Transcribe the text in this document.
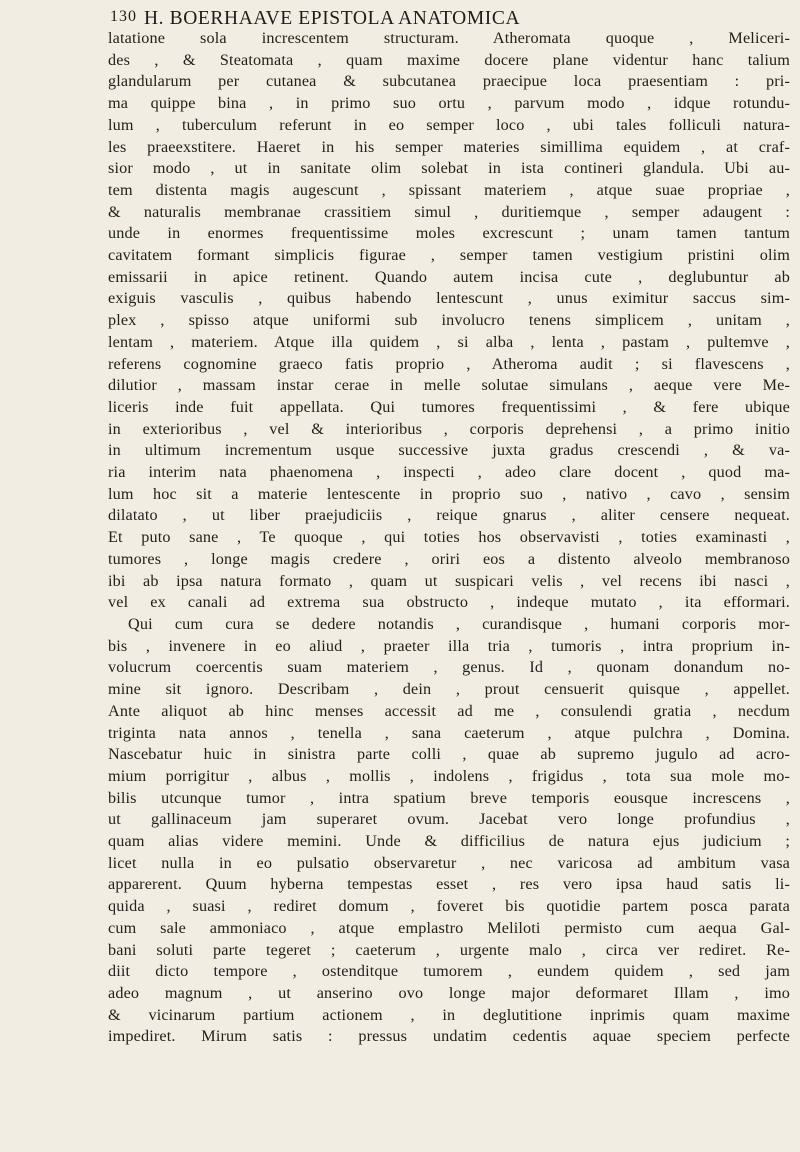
130 H. BOERHAAVE EPISTOLA ANATOMICA
latatione sola increscentem structuram. Atheromata quoque , Meliceri-
des , & Steatomata , quam maxime docere plane videntur hanc talium
glandularum per cutanea & subcutanea praecipue loca praesentiam : pri-
ma quippe bina , in primo suo ortu , parvum modo , idque rotundu-
lum , tuberculum referunt in eo semper loco , ubi tales folliculi natura-
les praeexstitere. Haeret in his semper materies simillima equidem , at craf-
sior modo , ut in sanitate olim solebat in ista contineri glandula. Ubi au-
tem distenta magis augescunt , spissant materiem , atque suae propriae ,
& naturalis membranae crassitiem simul , duritiemque , semper adaugent :
unde in enormes frequentissime moles excrescunt ; unam tamen tantum
cavitatem formant simplicis figurae , semper tamen vestigium pristini olim
emissarii in apice retinent. Quando autem incisa cute , deglubuntur ab
exiguis vasculis , quibus habendo lentescunt , unus eximitur saccus sim-
plex , spisso atque uniformi sub involucro tenens simplicem , unitam ,
lentam , materiem. Atque illa quidem , si alba , lenta , pastam , pultemve ,
referens cognomine graeco fatis proprio , Atheroma audit ; si flavescens ,
dilutior , massam instar cerae in melle solutae simulans , aeque vere Me-
liceris inde fuit appellata. Qui tumores frequentissimi , & fere ubique
in exterioribus , vel & interioribus , corporis deprehensi , a primo initio
in ultimum incrementum usque successive juxta gradus crescendi , & va-
ria interim nata phaenomena , inspecti , adeo clare docent , quod ma-
lum hoc sit a materie lentescente in proprio suo , nativo , cavo , sensim
dilatato , ut liber praejudiciis , reique gnarus , aliter censere nequeat.
Et puto sane , Te quoque , qui toties hos observavisti , toties examinasti ,
tumores , longe magis credere , oriri eos a distento alveolo membranoso
ibi ab ipsa natura formato , quam ut suspicari velis , vel recens ibi nasci ,
vel ex canali ad extrema sua obstructo , indeque mutato , ita efformari.
Qui cum cura se dedere notandis , curandisque , humani corporis mor-
bis , invenere in eo aliud , praeter illa tria , tumoris , intra proprium in-
volucrum coercentis suam materiem , genus. Id , quonam donandum no-
mine sit ignoro. Describam , dein , prout censuerit quisque , appellet.
Ante aliquot ab hinc menses accessit ad me , consulendi gratia , necdum
triginta nata annos , tenella , sana caeterum , atque pulchra , Domina.
Nascebatur huic in sinistra parte colli , quae ab supremo jugulo ad acro-
mium porrigitur , albus , mollis , indolens , frigidus , tota sua mole mo-
bilis utcunque tumor , intra spatium breve temporis eousque increscens ,
ut gallinaceum jam superaret ovum. Jacebat vero longe profundius ,
quam alias videre memini. Unde & difficilius de natura ejus judicium ;
licet nulla in eo pulsatio observaretur , nec varicosa ad ambitum vasa
apparerent. Quum hyberna tempestas esset , res vero ipsa haud satis li-
quida , suasi , rediret domum , foveret bis quotidie partem posca parata
cum sale ammoniaco , atque emplastro Meliloti permisto cum aequa Gal-
bani soluti parte tegeret ; caeterum , urgente malo , circa ver rediret. Re-
diit dicto tempore , ostenditque tumorem , eundem quidem , sed jam
adeo magnum , ut anserino ovo longe major deformaret Illam , imo
& vicinarum partium actionem , in deglutitione inprimis quam maxime
impediret. Mirum satis : pressus undatim cedentis aquae speciem perfecte
